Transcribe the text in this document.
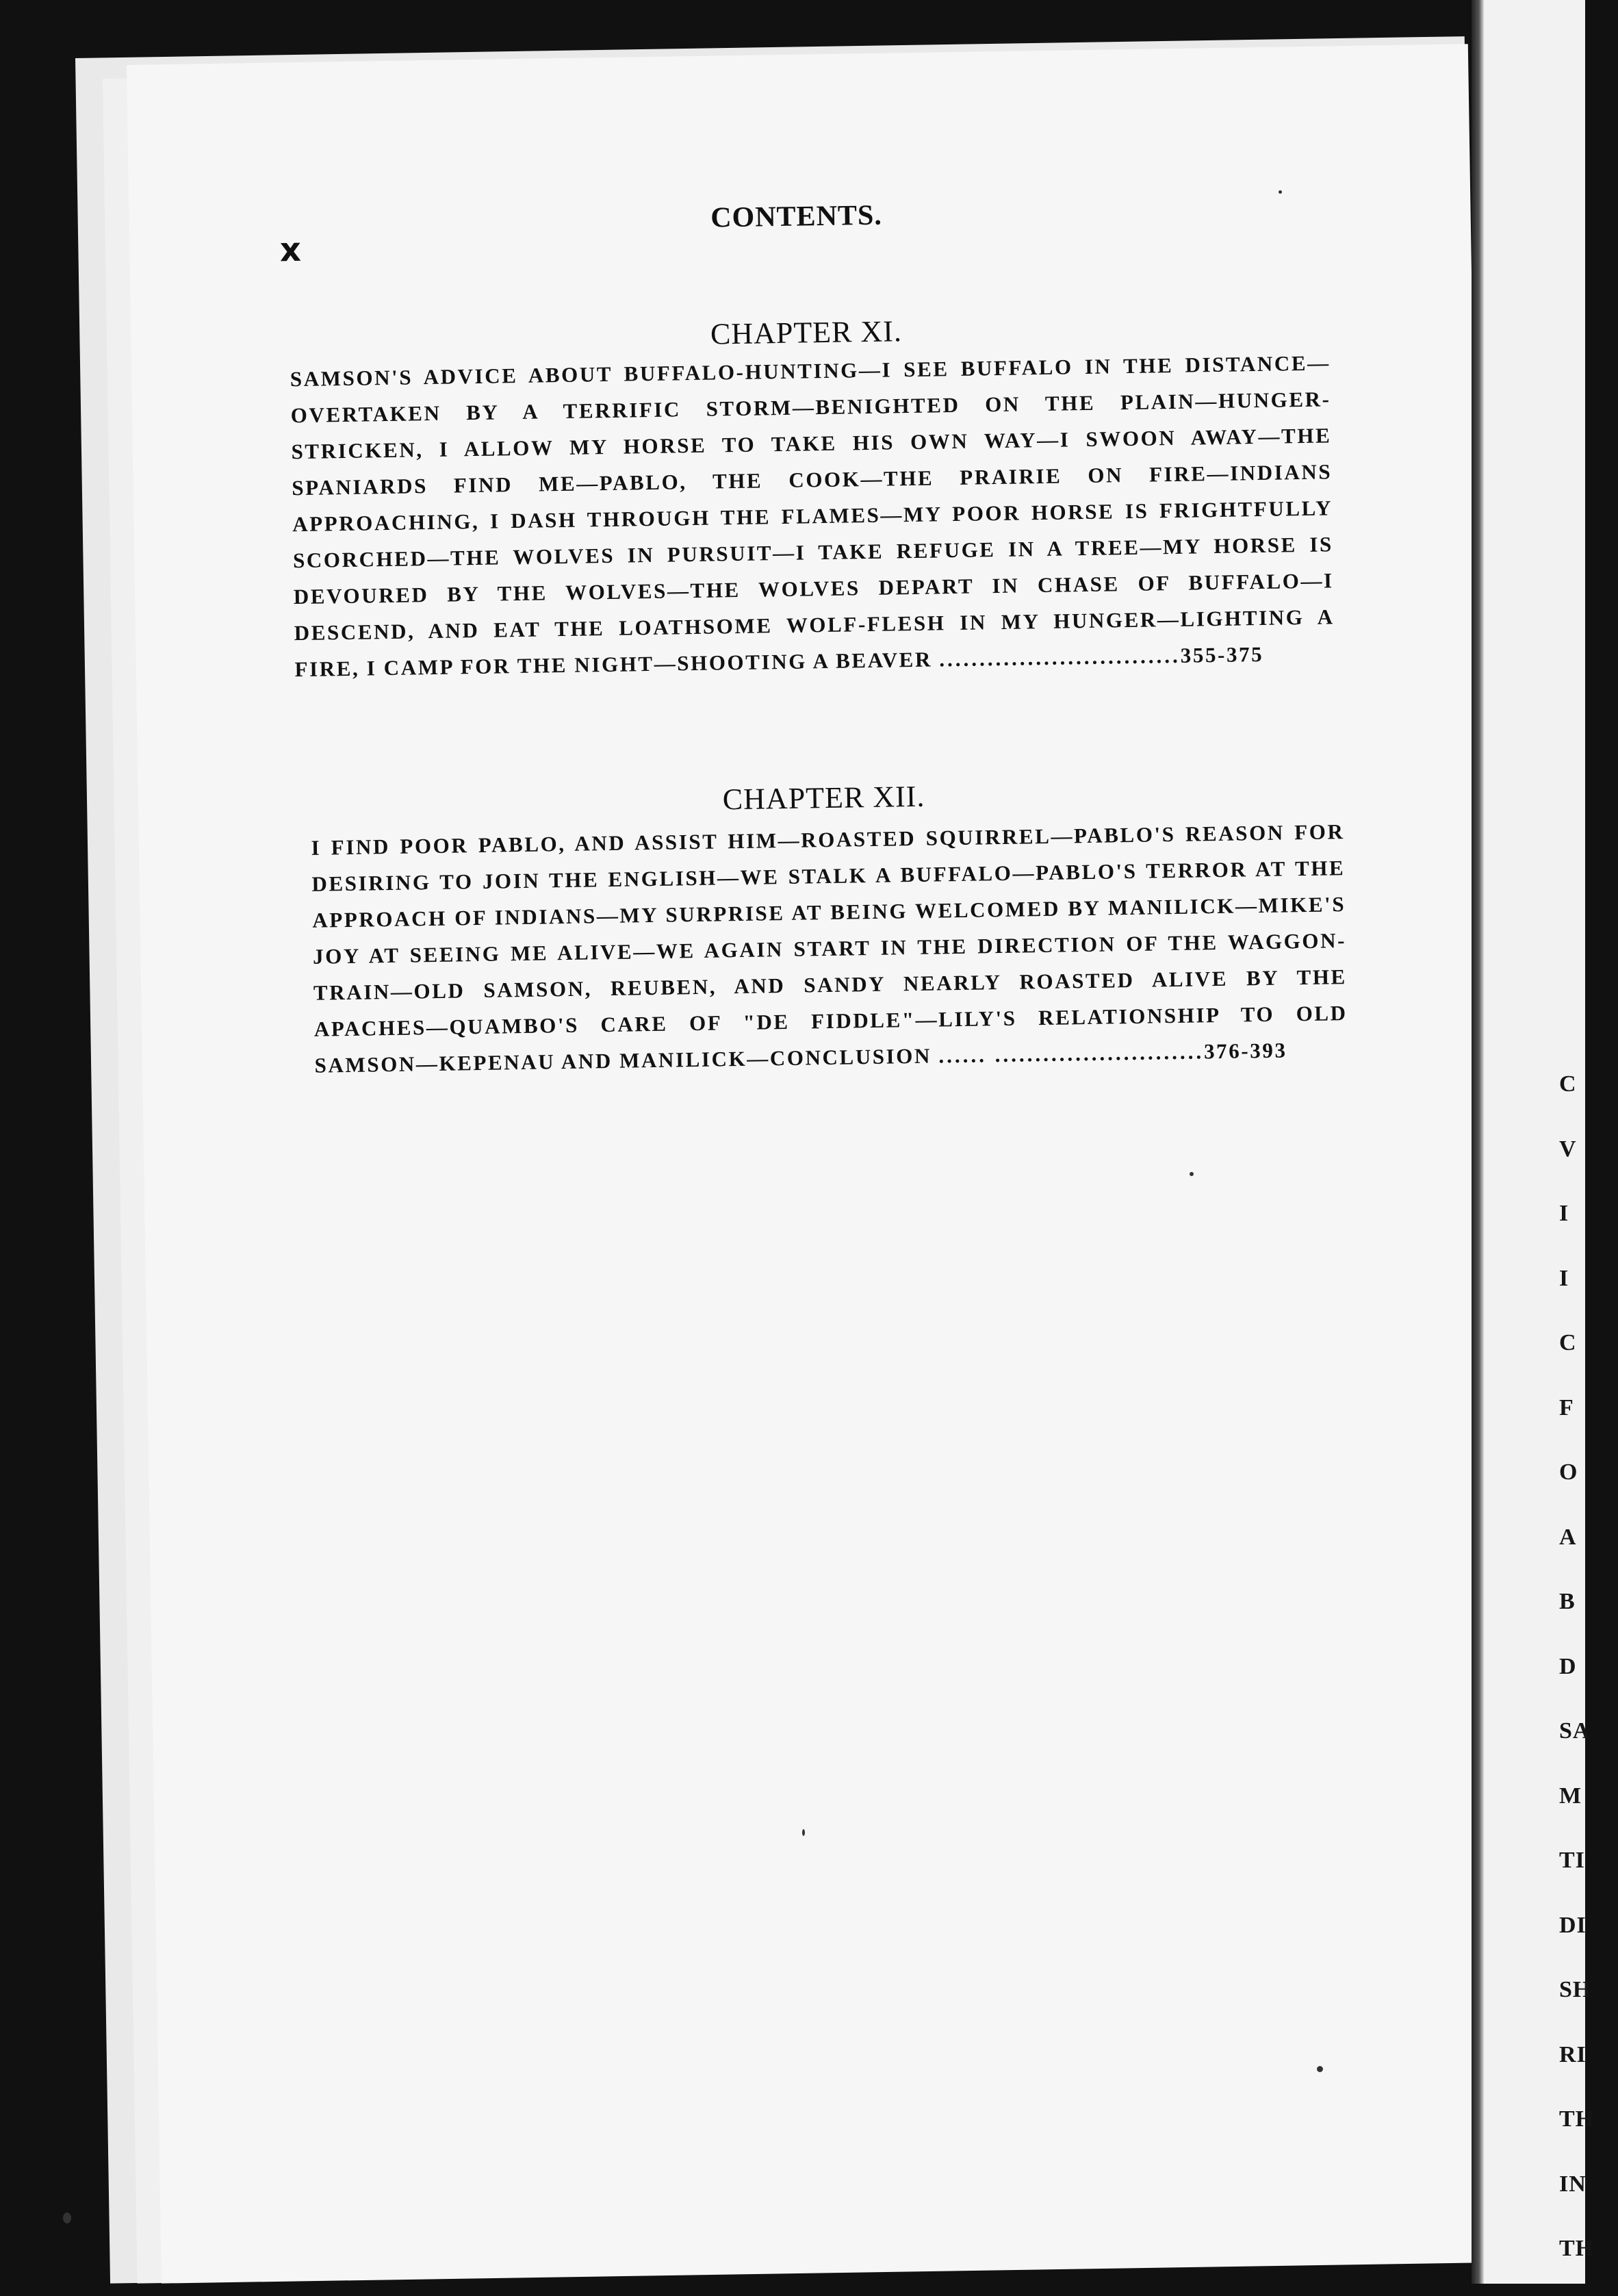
C
V
I
I
C
F
O
A
B
D
SA
M
TI
DI
SH
RI
TH
IN
TH
x
CONTENTS.
CHAPTER XI.
SAMSON'S ADVICE ABOUT BUFFALO-HUNTING—I SEE BUFFALO IN THE DISTANCE—OVERTAKEN BY A TERRIFIC STORM—BENIGHTED ON THE PLAIN—HUNGER-STRICKEN, I ALLOW MY HORSE TO TAKE HIS OWN WAY—I SWOON AWAY—THE SPANIARDS FIND ME—PABLO, THE COOK—THE PRAIRIE ON FIRE—INDIANS APPROACHING, I DASH THROUGH THE FLAMES—MY POOR HORSE IS FRIGHTFULLY SCORCHED—THE WOLVES IN PURSUIT—I TAKE REFUGE IN A TREE—MY HORSE IS DEVOURED BY THE WOLVES—THE WOLVES DEPART IN CHASE OF BUFFALO—I DESCEND, AND EAT THE LOATHSOME WOLF-FLESH IN MY HUNGER—LIGHTING A FIRE, I CAMP FOR THE NIGHT—SHOOTING A BEAVER ..............................355-375
CHAPTER XII.
I FIND POOR PABLO, AND ASSIST HIM—ROASTED SQUIRREL—PABLO'S REASON FOR DESIRING TO JOIN THE ENGLISH—WE STALK A BUFFALO—PABLO'S TERROR AT THE APPROACH OF INDIANS—MY SURPRISE AT BEING WELCOMED BY MANILICK—MIKE'S JOY AT SEEING ME ALIVE—WE AGAIN START IN THE DIRECTION OF THE WAGGON-TRAIN—OLD SAMSON, REUBEN, AND SANDY NEARLY ROASTED ALIVE BY THE APACHES—QUAMBO'S CARE OF "DE FIDDLE"—LILY'S RELATIONSHIP TO OLD SAMSON—KEPENAU AND MANILICK—CONCLUSION ...... ..........................376-393
